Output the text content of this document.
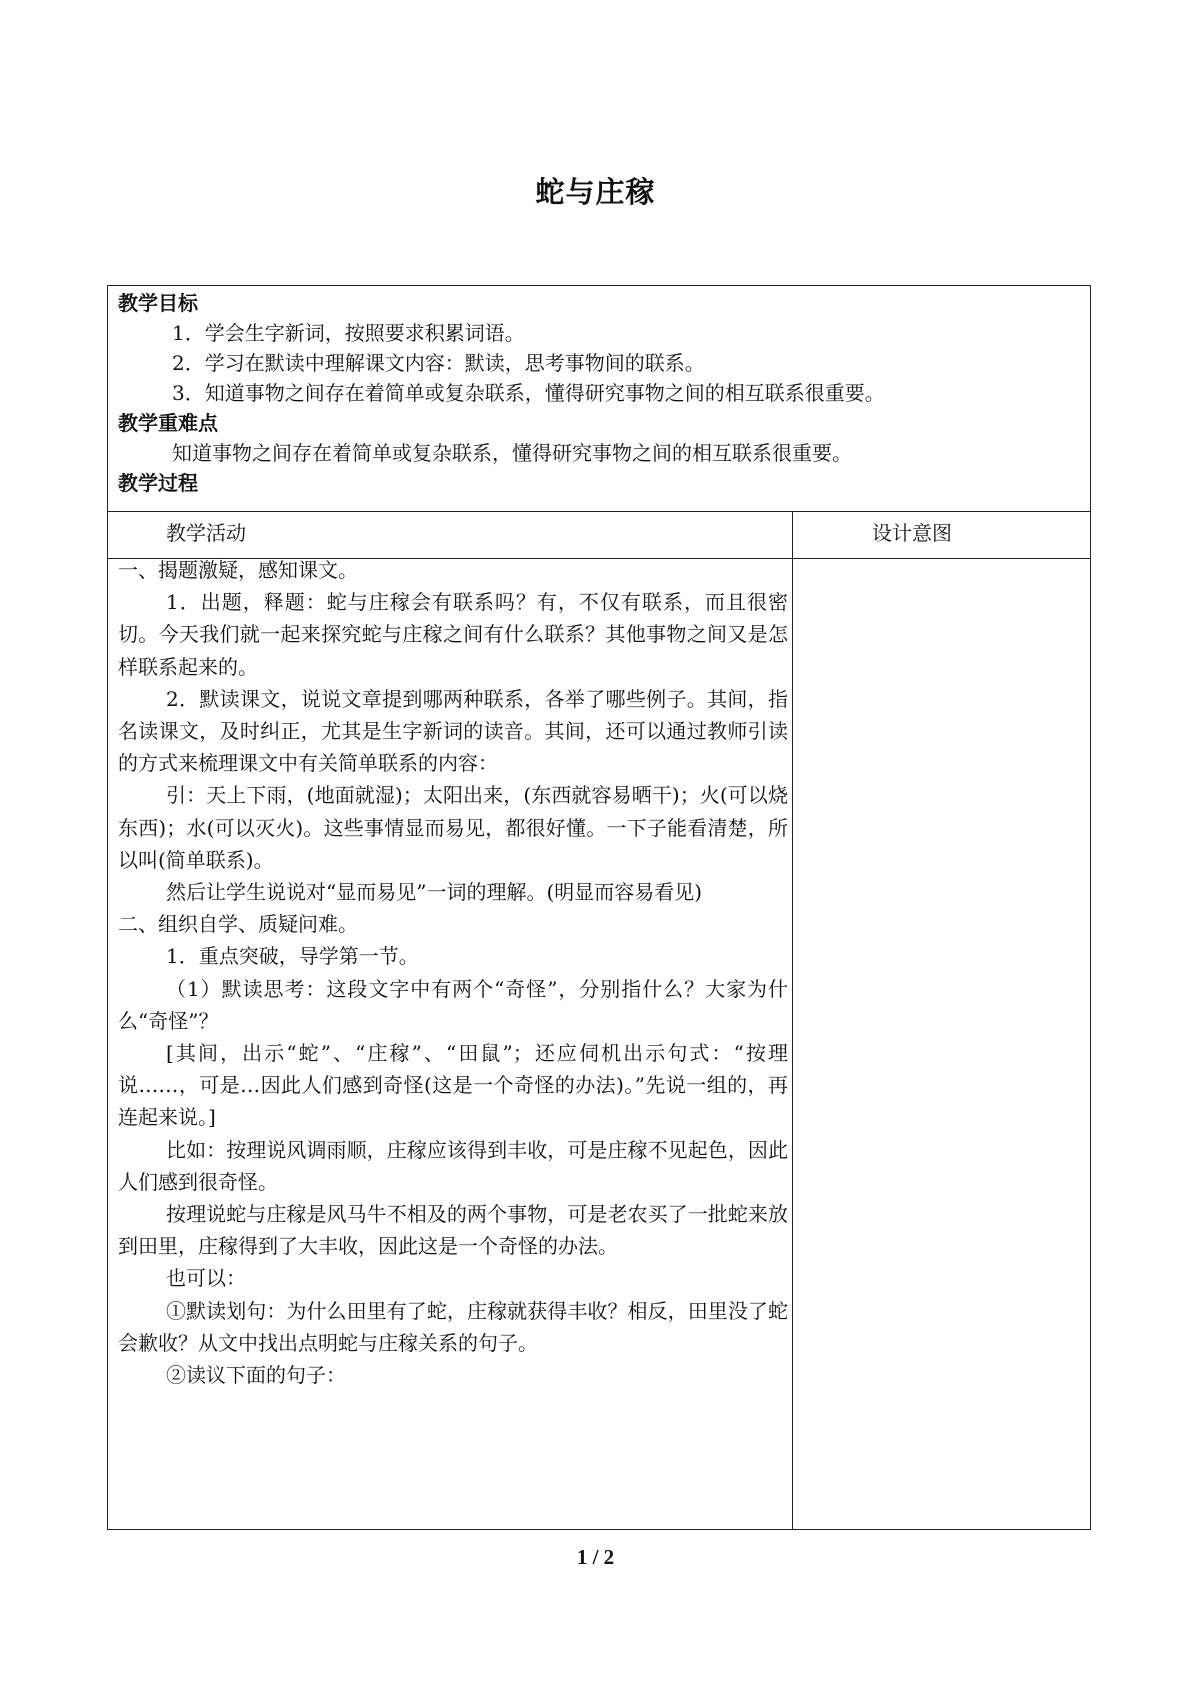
蛇与庄稼
教学目标
1．学会生字新词，按照要求积累词语。
2．学习在默读中理解课文内容：默读，思考事物间的联系。
3．知道事物之间存在着简单或复杂联系，懂得研究事物之间的相互联系很重要。
教学重难点
知道事物之间存在着简单或复杂联系，懂得研究事物之间的相互联系很重要。
教学过程
教学活动	设计意图

一、揭题激疑，感知课文。

1．出题，释题：蛇与庄稼会有联系吗？有，不仅有联系，而且很密切。今天我们就一起来探究蛇与庄稼之间有什么联系？其他事物之间又是怎样联系起来的。

2．默读课文，说说文章提到哪两种联系，各举了哪些例子。其间，指名读课文，及时纠正，尤其是生字新词的读音。其间，还可以通过教师引读的方式来梳理课文中有关简单联系的内容：

引：天上下雨，(地面就湿)；太阳出来，(东西就容易晒干)；火(可以烧东西)；水(可以灭火)。这些事情显而易见，都很好懂。一下子能看清楚，所以叫(简单联系)。

然后让学生说说对“显而易见”一词的理解。(明显而容易看见)

二、组织自学、质疑问难。

1．重点突破，导学第一节。

（1）默读思考：这段文字中有两个“奇怪”，分别指什么？大家为什么“奇怪”？

[其间，出示“蛇”、“庄稼”、“田鼠”；还应伺机出示句式：“按理说……，可是…因此人们感到奇怪(这是一个奇怪的办法)。”先说一组的，再连起来说。]

比如：按理说风调雨顺，庄稼应该得到丰收，可是庄稼不见起色，因此人们感到很奇怪。

按理说蛇与庄稼是风马牛不相及的两个事物，可是老农买了一批蛇来放到田里，庄稼得到了大丰收，因此这是一个奇怪的办法。

也可以：

①默读划句：为什么田里有了蛇，庄稼就获得丰收？相反，田里没了蛇会歉收？从文中找出点明蛇与庄稼关系的句子。

②读议下面的句子：

1 / 2
